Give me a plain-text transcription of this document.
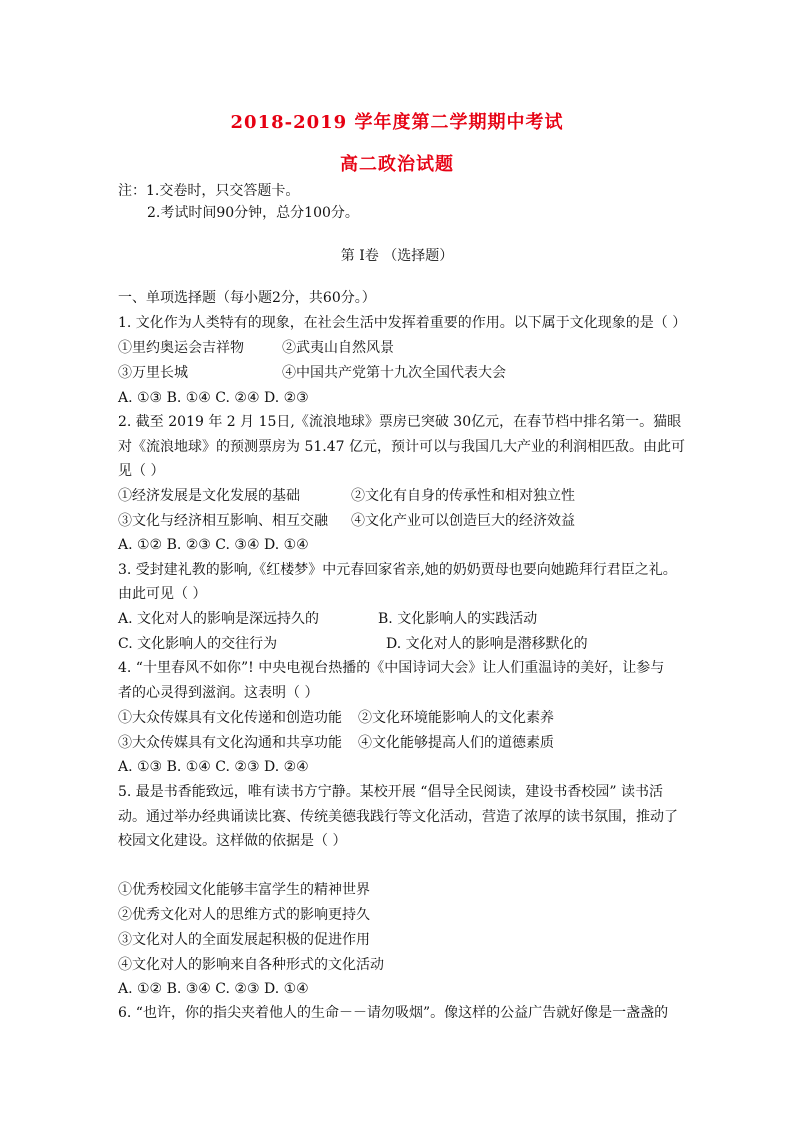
2018-2019 学年度第二学期期中考试
高二政治试题
注：1.交卷时，只交答题卡。
2.考试时间90分钟，总分100分。
第 Ⅰ卷 （选择题）
一、单项选择题（每小题2分，共60分。）
1. 文化作为人类特有的现象，在社会生活中发挥着重要的作用。以下属于文化现象的是（ ）
①里约奥运会吉祥物	②武夷山自然风景
③万里长城	④中国共产党第十九次全国代表大会
A. ①③ B. ①④ C. ②④ D. ②③
2. 截至 2019 年 2 月 15日,《流浪地球》票房已突破 30亿元，在春节档中排名第一。猫眼
对《流浪地球》的预测票房为 51.47 亿元，预计可以与我国几大产业的利润相匹敌。由此可
见（ ）
①经济发展是文化发展的基础	②文化有自身的传承性和相对独立性
③文化与经济相互影响、相互交融 ④文化产业可以创造巨大的经济效益
A. ①② B. ②③ C. ③④ D. ①④
3. 受封建礼教的影响,《红楼梦》中元春回家省亲,她的奶奶贾母也要向她跪拜行君臣之礼。
由此可见（ ）
A. 文化对人的影响是深远持久的	B. 文化影响人的实践活动
C. 文化影响人的交往行为	D. 文化对人的影响是潜移默化的
4. “十里春风不如你”! 中央电视台热播的《中国诗词大会》让人们重温诗的美好，让参与
者的心灵得到滋润。这表明（ ）
①大众传媒具有文化传递和创造功能 ②文化环境能影响人的文化素养
③大众传媒具有文化沟通和共享功能 ④文化能够提高人们的道德素质
A. ①③ B. ①④ C. ②③ D. ②④
5. 最是书香能致远，唯有读书方宁静。某校开展 “倡导全民阅读，建设书香校园” 读书活
动。通过举办经典诵读比赛、传统美德我践行等文化活动，营造了浓厚的读书氛围，推动了
校园文化建设。这样做的依据是（ ）
①优秀校园文化能够丰富学生的精神世界
②优秀文化对人的思维方式的影响更持久
③文化对人的全面发展起积极的促进作用
④文化对人的影响来自各种形式的文化活动
A. ①② B. ③④ C. ②③ D. ①④
6. “也许，你的指尖夹着他人的生命－－请勿吸烟”。像这样的公益广告就好像是一盏盏的
